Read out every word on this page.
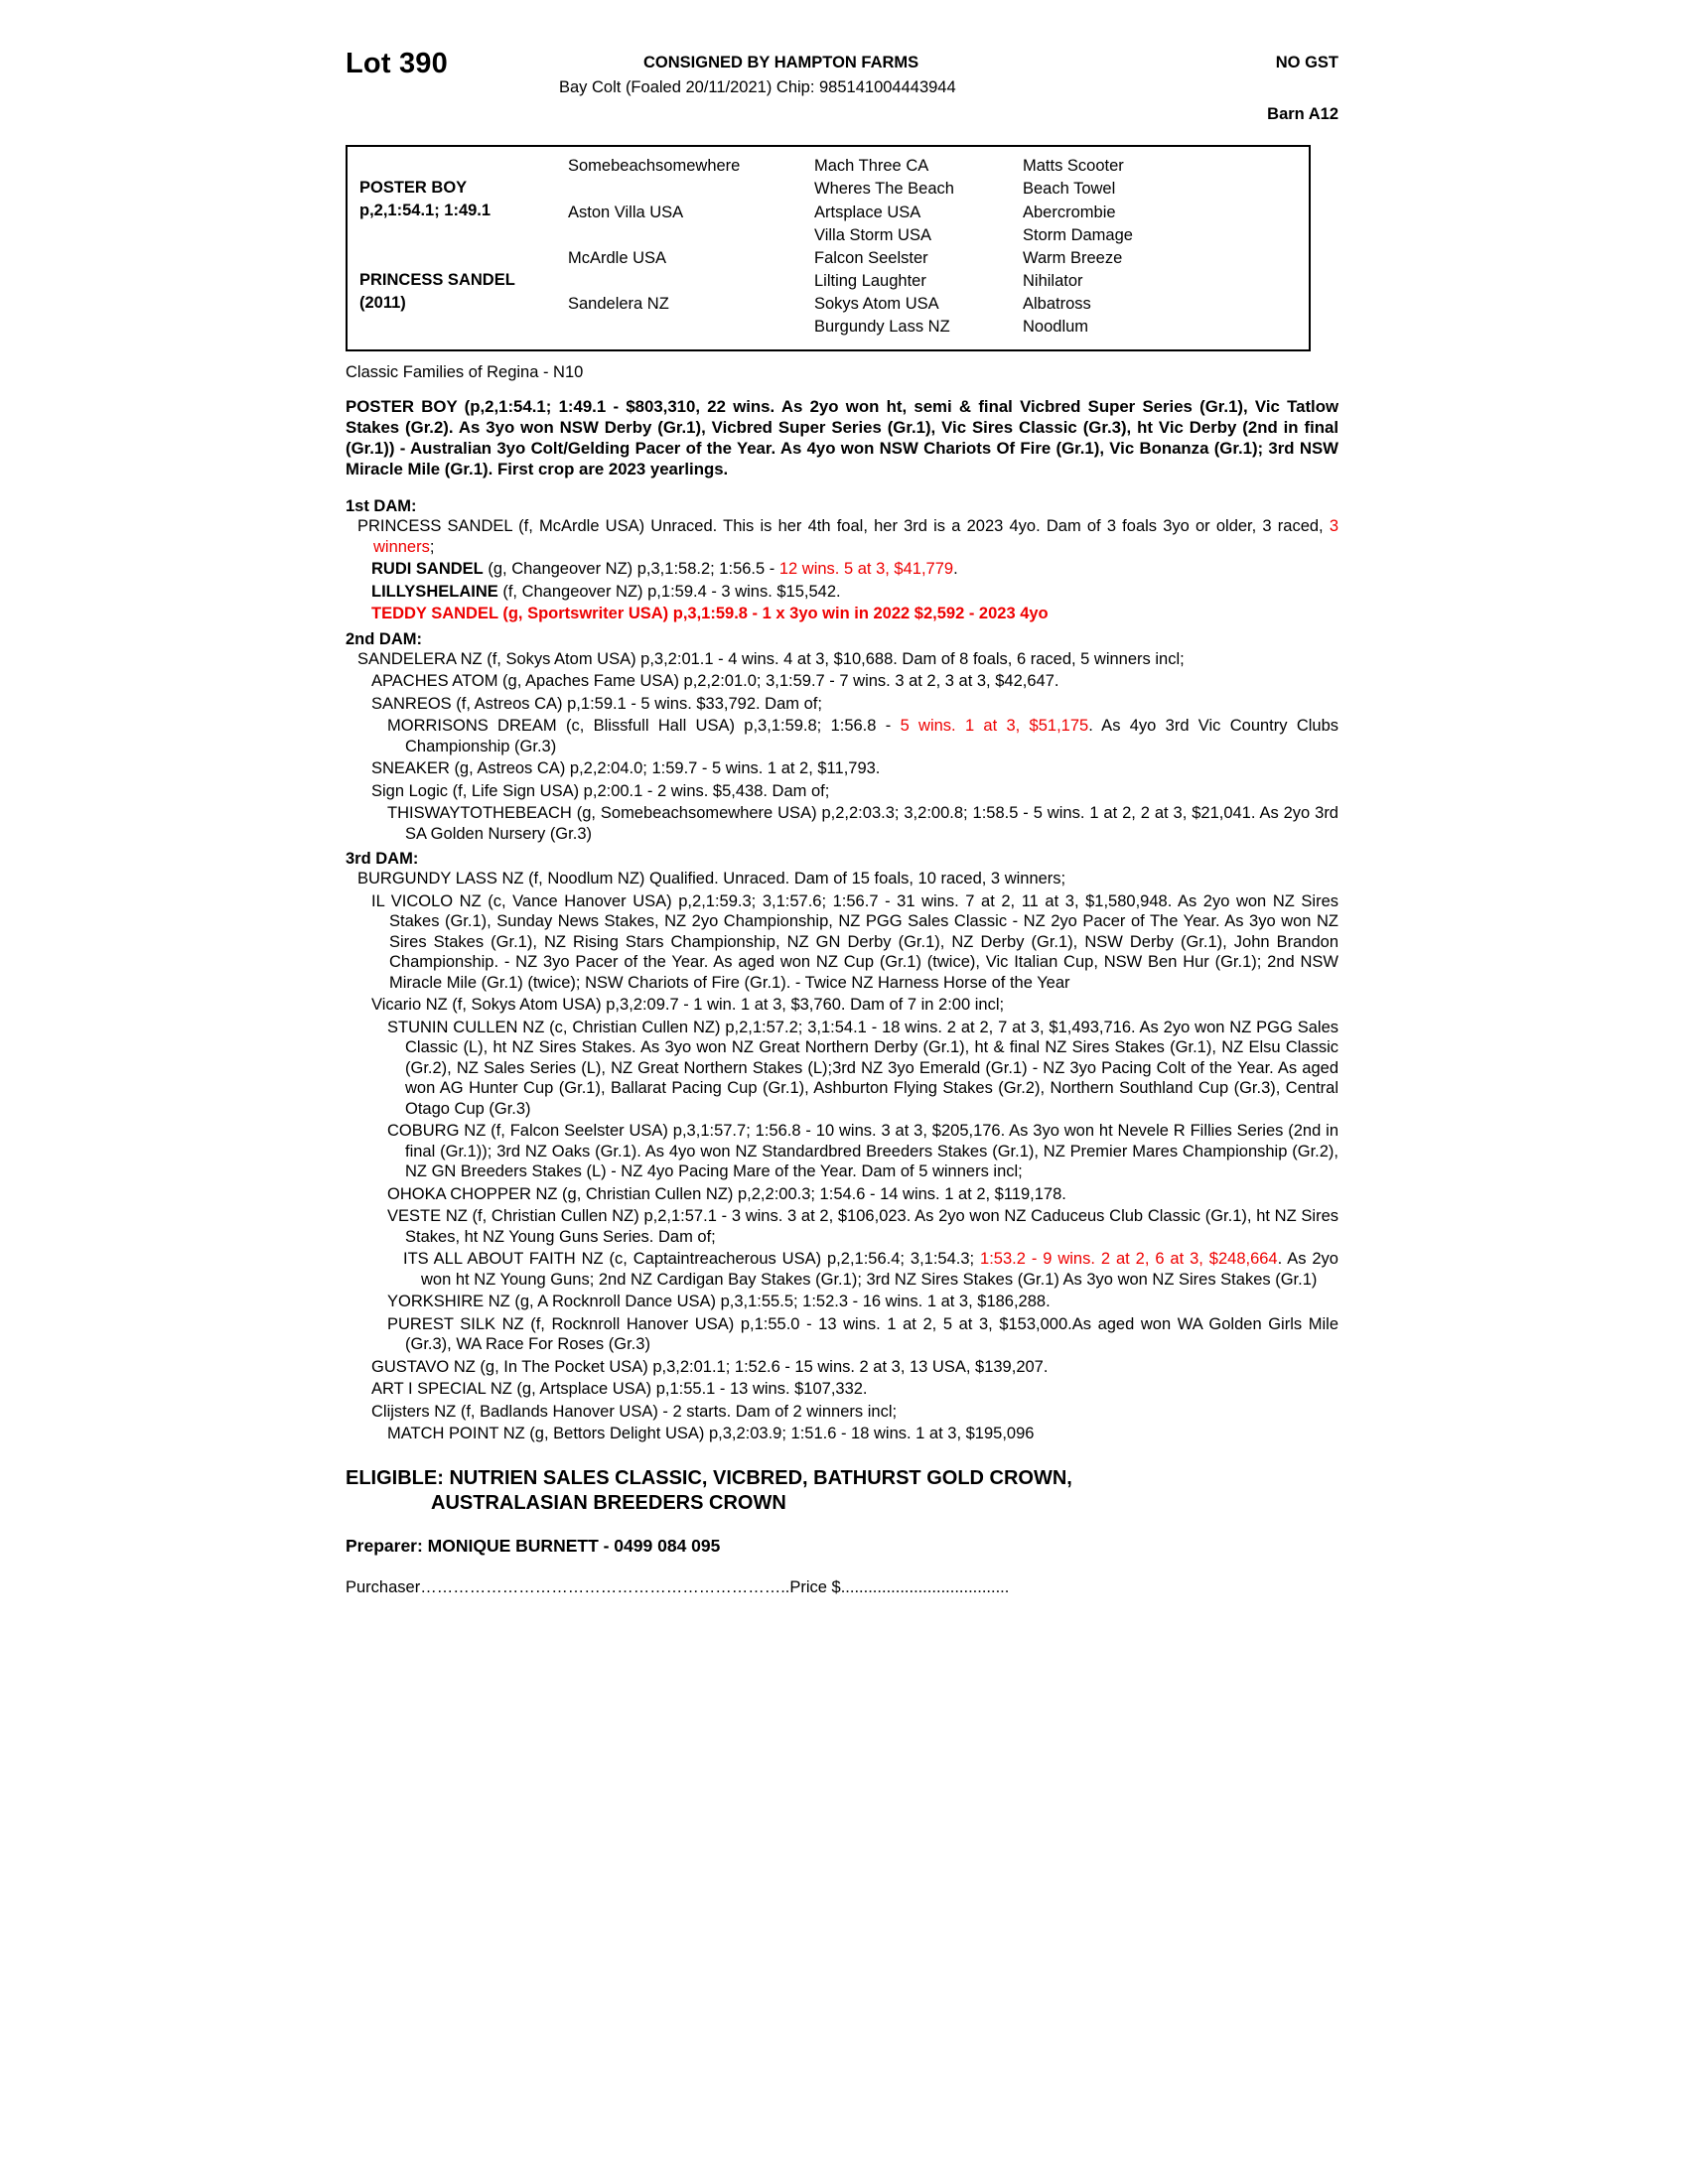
Lot 390	CONSIGNED BY HAMPTON FARMS	NO GST
Bay Colt (Foaled 20/11/2021) Chip: 985141004443944
Barn A12
POSTER BOY
p,2,1:54.1; 1:49.1
PRINCESS SANDEL
(2011)
Somebeachsomewhere
Aston Villa USA
McArdle USA
Sandelera NZ
Mach Three CA
Wheres The Beach
Artsplace USA
Villa Storm USA
Falcon Seelster
Lilting Laughter
Sokys Atom USA
Burgundy Lass NZ
Matts Scooter
Beach Towel
Abercrombie
Storm Damage
Warm Breeze
Nihilator
Albatross
Noodlum
Classic Families of Regina - N10
POSTER BOY (p,2,1:54.1; 1:49.1 - $803,310, 22 wins. As 2yo won ht, semi & final Vicbred Super Series (Gr.1), Vic Tatlow Stakes (Gr.2). As 3yo won NSW Derby (Gr.1), Vicbred Super Series (Gr.1), Vic Sires Classic (Gr.3), ht Vic Derby (2nd in final (Gr.1)) - Australian 3yo Colt/Gelding Pacer of the Year. As 4yo won NSW Chariots Of Fire (Gr.1), Vic Bonanza (Gr.1); 3rd NSW Miracle Mile (Gr.1). First crop are 2023 yearlings.
1st DAM:

PRINCESS SANDEL (f, McArdle USA) Unraced. This is her 4th foal, her 3rd is a 2023 4yo. Dam of 3 foals 3yo or older, 3 raced, 3 winners;

RUDI SANDEL (g, Changeover NZ) p,3,1:58.2; 1:56.5 - 12 wins. 5 at 3, $41,779.

LILLYSHELAINE (f, Changeover NZ) p,1:59.4 - 3 wins. $15,542.

TEDDY SANDEL (g, Sportswriter USA) p,3,1:59.8 - 1 x 3yo win in 2022 $2,592 - 2023 4yo

2nd DAM:

SANDELERA NZ (f, Sokys Atom USA) p,3,2:01.1 - 4 wins. 4 at 3, $10,688. Dam of 8 foals, 6 raced, 5 winners incl;

APACHES ATOM (g, Apaches Fame USA) p,2,2:01.0; 3,1:59.7 - 7 wins. 3 at 2, 3 at 3, $42,647.

SANREOS (f, Astreos CA) p,1:59.1 - 5 wins. $33,792. Dam of;

MORRISONS DREAM (c, Blissfull Hall USA) p,3,1:59.8; 1:56.8 - 5 wins. 1 at 3, $51,175. As 4yo 3rd Vic Country Clubs Championship (Gr.3)

SNEAKER (g, Astreos CA) p,2,2:04.0; 1:59.7 - 5 wins. 1 at 2, $11,793.

Sign Logic (f, Life Sign USA) p,2:00.1 - 2 wins. $5,438. Dam of;

THISWAYTOTHEBEACH (g, Somebeachsomewhere USA) p,2,2:03.3; 3,2:00.8; 1:58.5 - 5 wins. 1 at 2, 2 at 3, $21,041. As 2yo 3rd SA Golden Nursery (Gr.3)

3rd DAM:

BURGUNDY LASS NZ (f, Noodlum NZ) Qualified. Unraced. Dam of 15 foals, 10 raced, 3 winners;

IL VICOLO NZ (c, Vance Hanover USA) p,2,1:59.3; 3,1:57.6; 1:56.7 - 31 wins. 7 at 2, 11 at 3, $1,580,948. As 2yo won NZ Sires Stakes (Gr.1), Sunday News Stakes, NZ 2yo Championship, NZ PGG Sales Classic - NZ 2yo Pacer of The Year. As 3yo won NZ Sires Stakes (Gr.1), NZ Rising Stars Championship, NZ GN Derby (Gr.1), NZ Derby (Gr.1), NSW Derby (Gr.1), John Brandon Championship. - NZ 3yo Pacer of the Year. As aged won NZ Cup (Gr.1) (twice), Vic Italian Cup, NSW Ben Hur (Gr.1); 2nd NSW Miracle Mile (Gr.1) (twice); NSW Chariots of Fire (Gr.1). - Twice NZ Harness Horse of the Year

Vicario NZ (f, Sokys Atom USA) p,3,2:09.7 - 1 win. 1 at 3, $3,760. Dam of 7 in 2:00 incl;

STUNIN CULLEN NZ (c, Christian Cullen NZ) p,2,1:57.2; 3,1:54.1 - 18 wins. 2 at 2, 7 at 3, $1,493,716. As 2yo won NZ PGG Sales Classic (L), ht NZ Sires Stakes. As 3yo won NZ Great Northern Derby (Gr.1), ht & final NZ Sires Stakes (Gr.1), NZ Elsu Classic (Gr.2), NZ Sales Series (L), NZ Great Northern Stakes (L);3rd NZ 3yo Emerald (Gr.1) - NZ 3yo Pacing Colt of the Year. As aged won AG Hunter Cup (Gr.1), Ballarat Pacing Cup (Gr.1), Ashburton Flying Stakes (Gr.2), Northern Southland Cup (Gr.3), Central Otago Cup (Gr.3)

COBURG NZ (f, Falcon Seelster USA) p,3,1:57.7; 1:56.8 - 10 wins. 3 at 3, $205,176. As 3yo won ht Nevele R Fillies Series (2nd in final (Gr.1)); 3rd NZ Oaks (Gr.1). As 4yo won NZ Standardbred Breeders Stakes (Gr.1), NZ Premier Mares Championship (Gr.2), NZ GN Breeders Stakes (L) - NZ 4yo Pacing Mare of the Year. Dam of 5 winners incl;

OHOKA CHOPPER NZ (g, Christian Cullen NZ) p,2,2:00.3; 1:54.6 - 14 wins. 1 at 2, $119,178.

VESTE NZ (f, Christian Cullen NZ) p,2,1:57.1 - 3 wins. 3 at 2, $106,023. As 2yo won NZ Caduceus Club Classic (Gr.1), ht NZ Sires Stakes, ht NZ Young Guns Series. Dam of;

ITS ALL ABOUT FAITH NZ (c, Captaintreacherous USA) p,2,1:56.4; 3,1:54.3; 1:53.2 - 9 wins. 2 at 2, 6 at 3, $248,664. As 2yo won ht NZ Young Guns; 2nd NZ Cardigan Bay Stakes (Gr.1); 3rd NZ Sires Stakes (Gr.1) As 3yo won NZ Sires Stakes (Gr.1)

YORKSHIRE NZ (g, A Rocknroll Dance USA) p,3,1:55.5; 1:52.3 - 16 wins. 1 at 3, $186,288.

PUREST SILK NZ (f, Rocknroll Hanover USA) p,1:55.0 - 13 wins. 1 at 2, 5 at 3, $153,000.As aged won WA Golden Girls Mile (Gr.3), WA Race For Roses (Gr.3)

GUSTAVO NZ (g, In The Pocket USA) p,3,2:01.1; 1:52.6 - 15 wins. 2 at 3, 13 USA, $139,207.

ART I SPECIAL NZ (g, Artsplace USA) p,1:55.1 - 13 wins. $107,332.

Clijsters NZ (f, Badlands Hanover USA) - 2 starts. Dam of 2 winners incl;

MATCH POINT NZ (g, Bettors Delight USA) p,3,2:03.9; 1:51.6 - 18 wins. 1 at 3, $195,096

ELIGIBLE: NUTRIEN SALES CLASSIC, VICBRED, BATHURST GOLD CROWN,
AUSTRALASIAN BREEDERS CROWN
Preparer: MONIQUE BURNETT - 0499 084 095
Purchaser…………………………………………………………..Price $.....................................
